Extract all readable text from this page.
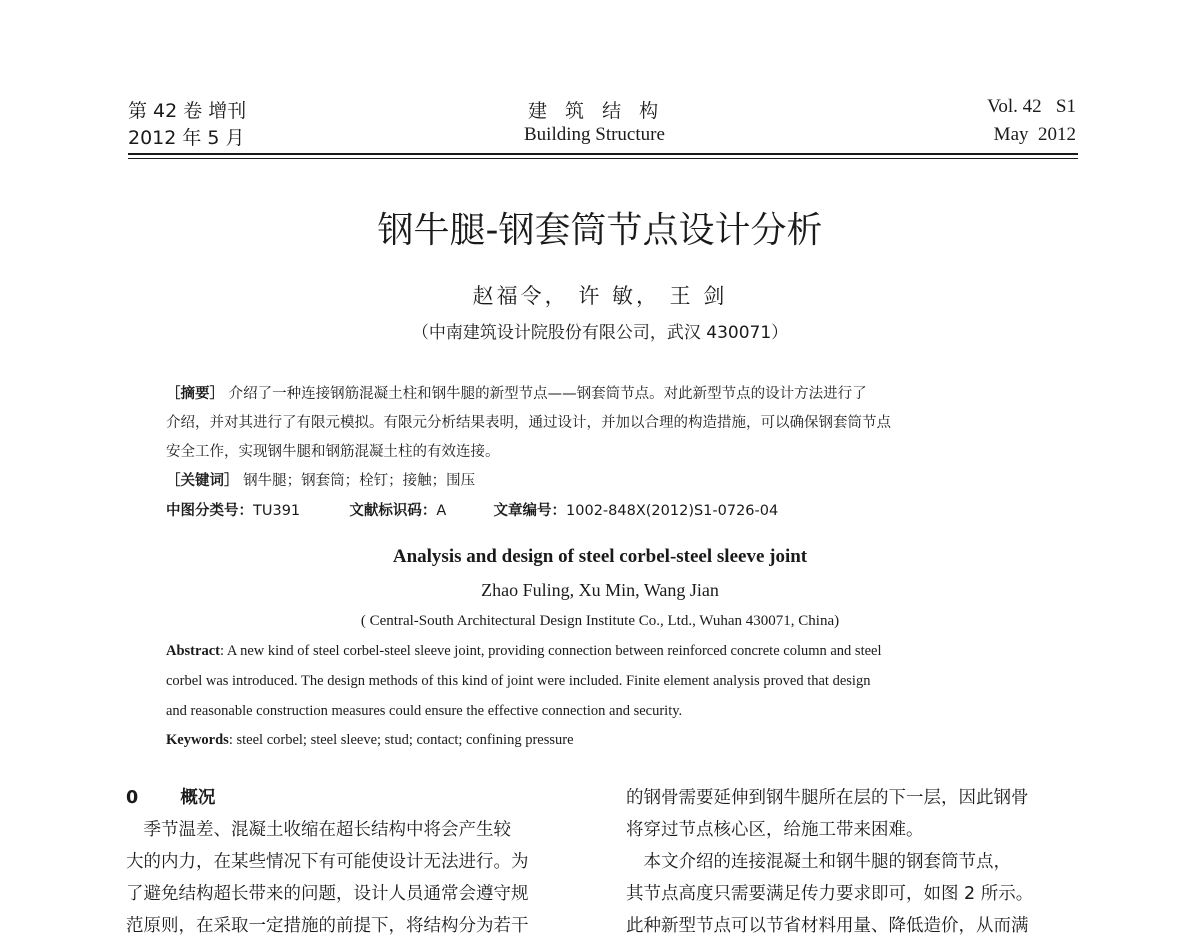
第 42 卷 增刊
2012 年 5 月
建 筑 结 构
Building Structure
Vol. 42   S1
May  2012
钢牛腿-钢套筒节点设计分析
赵福令， 许 敏， 王 剑
（中南建筑设计院股份有限公司，武汉 430071）
［摘要］ 介绍了一种连接钢筋混凝土柱和钢牛腿的新型节点——钢套筒节点。对此新型节点的设计方法进行了
介绍，并对其进行了有限元模拟。有限元分析结果表明，通过设计，并加以合理的构造措施，可以确保钢套筒节点
安全工作，实现钢牛腿和钢筋混凝土柱的有效连接。
［关键词］ 钢牛腿；钢套筒；栓钉；接触；围压
中图分类号：TU391	文献标识码：A	文章编号：1002-848X(2012)S1-0726-04
Analysis and design of steel corbel-steel sleeve joint
Zhao Fuling, Xu Min, Wang Jian
( Central-South Architectural Design Institute Co., Ltd., Wuhan 430071, China)
Abstract: A new kind of steel corbel-steel sleeve joint, providing connection between reinforced concrete column and steel
corbel was introduced. The design methods of this kind of joint were included. Finite element analysis proved that design
and reasonable construction measures could ensure the effective connection and security.
Keywords: steel corbel; steel sleeve; stud; contact; confining pressure
0 概况
　季节温差、混凝土收缩在超长结构中将会产生较
大的内力，在某些情况下有可能使设计无法进行。为
了避免结构超长带来的问题，设计人员通常会遵守规
范原则，在采取一定措施的前提下，将结构分为若干
的钢骨需要延伸到钢牛腿所在层的下一层，因此钢骨
将穿过节点核心区，给施工带来困难。
　本文介绍的连接混凝土和钢牛腿的钢套筒节点，
其节点高度只需要满足传力要求即可，如图 2 所示。
此种新型节点可以节省材料用量、降低造价，从而满
